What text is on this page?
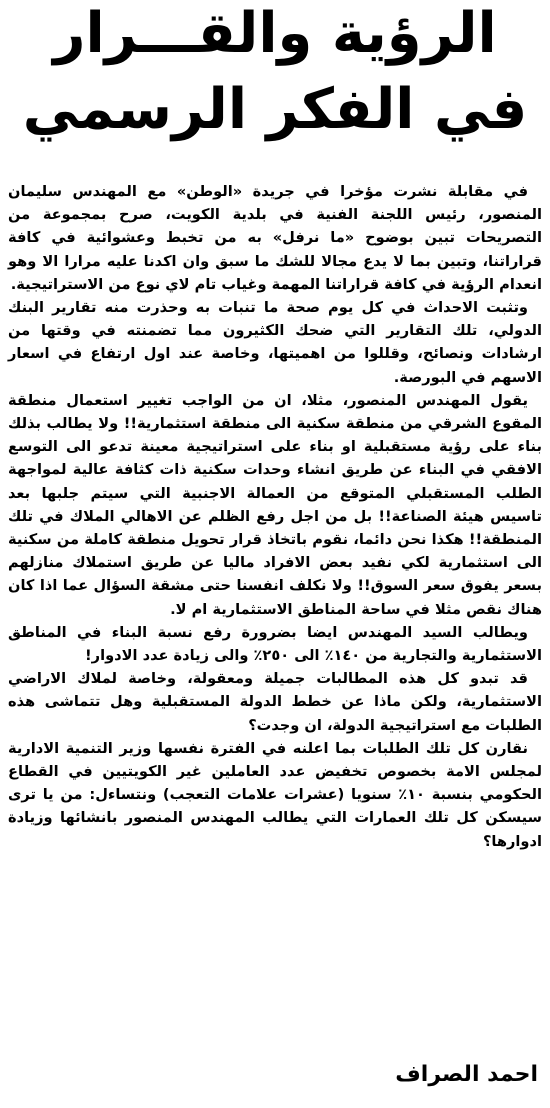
الرؤية والقـــرار
في الفكر الرسمي

في مقابلة نشرت مؤخرا في جريدة «الوطن» مع المهندس سليمان المنصور، رئيس اللجنة الفنية في بلدية الكويت، صرح بمجموعة من التصريحات تبين بوضوح «ما نرفل» به من تخبط وعشوائية في كافة قراراتنا، وتبين بما لا يدع مجالا للشك ما سبق وان اكدنا عليه مرارا الا وهو انعدام الرؤية في كافة قراراتنا المهمة وغياب تام لاي نوع من الاستراتيجية.

وتثبت الاحداث في كل يوم صحة ما تنبات به وحذرت منه تقارير البنك الدولي، تلك التقارير التي ضحك الكثيرون مما تضمنته في وقتها من ارشادات ونصائح، وقللوا من اهميتها، وخاصة عند اول ارتفاع في اسعار الاسهم في البورصة.

يقول المهندس المنصور، مثلا، ان من الواجب تغيير استعمال منطقة المقوع الشرقي من منطقة سكنية الى منطقة استثمارية!! ولا يطالب بذلك بناء على رؤية مستقبلية او بناء على استراتيجية معينة تدعو الى التوسع الافقي في البناء عن طريق انشاء وحدات سكنية ذات كثافة عالية لمواجهة الطلب المستقبلي المتوقع من العمالة الاجنبية التي سيتم جلبها بعد تاسيس هيئة الصناعة!! بل من اجل رفع الظلم عن الاهالي الملاك في تلك المنطقة!! هكذا نحن دائما، نقوم باتخاذ قرار تحويل منطقة كاملة من سكنية الى استثمارية لكي نفيد بعض الافراد ماليا عن طريق استملاك منازلهم بسعر يفوق سعر السوق!! ولا نكلف انفسنا حتى مشقة السؤال عما اذا كان هناك نقص مثلا في ساحة المناطق الاستثمارية ام لا.

ويطالب السيد المهندس ايضا بضرورة رفع نسبة البناء في المناطق الاستثمارية والتجارية من ١٤٠٪ الى ٢٥٠٪ والى زيادة عدد الادوار!

قد تبدو كل هذه المطالبات جميلة ومعقولة، وخاصة لملاك الاراضي الاستثمارية، ولكن ماذا عن خطط الدولة المستقبلية وهل تتماشى هذه الطلبات مع استراتيجية الدولة، ان وجدت؟

نقارن كل تلك الطلبات بما اعلنه في الفترة نفسها وزير التنمية الادارية لمجلس الامة بخصوص تخفيض عدد العاملين غير الكويتيين في القطاع الحكومي بنسبة ١٠٪ سنويا (عشرات علامات التعجب) ونتساءل: من يا ترى سيسكن كل تلك العمارات التي يطالب المهندس المنصور بانشائها وزيادة ادوارها؟

احمد الصراف
